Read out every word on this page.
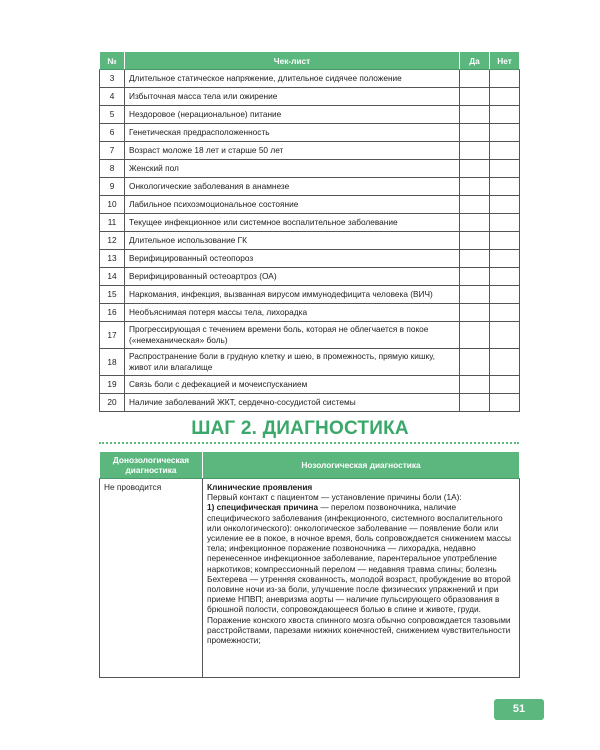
№	Чек-лист	Да	Нет
3	Длительное статическое напряжение, длительное сидячее положение		
4	Избыточная масса тела или ожирение		
5	Нездоровое (нерациональное) питание		
6	Генетическая предрасположенность		
7	Возраст моложе 18 лет и старше 50 лет		
8	Женский пол		
9	Онкологические заболевания в анамнезе		
10	Лабильное психоэмоциональное состояние		
11	Текущее инфекционное или системное воспалительное заболевание		
12	Длительное использование ГК		
13	Верифицированный остеопороз		
14	Верифицированный остеоартроз (ОА)		
15	Наркомания, инфекция, вызванная вирусом иммунодефицита человека (ВИЧ)		
16	Необъяснимая потеря массы тела, лихорадка		
17	Прогрессирующая с течением времени боль, которая не облегчается в покое («немеханическая» боль)		
18	Распространение боли в грудную клетку и шею, в промежность, прямую кишку, живот или влагалище		
19	Связь боли с дефекацией и мочеиспусканием		
20	Наличие заболеваний ЖКТ, сердечно-сосудистой системы		
ШАГ 2. ДИАГНОСТИКА
Донозологическая диагностика	Нозологическая диагностика
Не проводится	Клинические проявления

Первый контакт с пациентом — установление причины боли (1А):

1) специфическая причина — перелом позвоночника, наличие специфического заболевания (инфекционного, системного воспалительного или онкологического): онкологическое заболевание — появление боли или усиление ее в покое, в ночное время, боль сопровождается снижением массы тела; инфекционное поражение позвоночника — лихорадка, недавно перенесенное инфекционное заболевание, парентеральное употребление наркотиков; компрессионный перелом — недавняя травма спины; болезнь Бехтерева — утренняя скованность, молодой возраст, пробуждение во второй половине ночи из-за боли, улучшение после физических упражнений и при приеме НПВП; аневризма аорты — наличие пульсирующего образования в брюшной полости, сопровождающееся болью в спине и животе, груди. Поражение конского хвоста спинного мозга обычно сопровождается тазовыми расстройствами, парезами нижних конечностей, снижением чувствительности промежности;

51
